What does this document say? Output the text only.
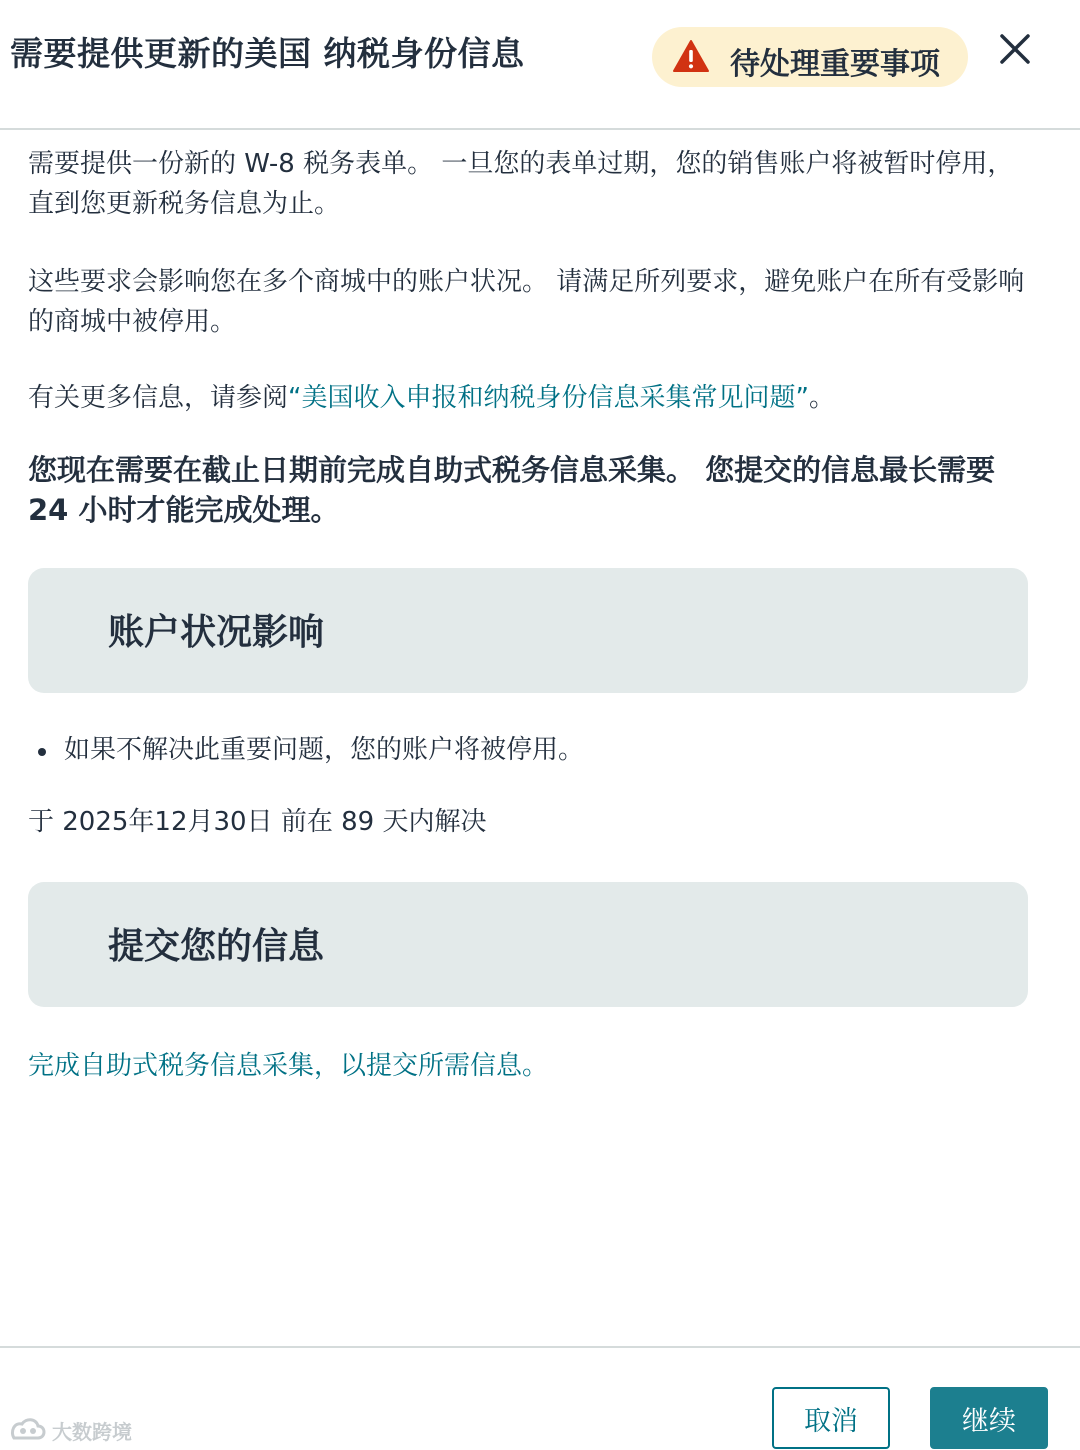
需要提供更新的美国 纳税身份信息	待处理重要事项

需要提供一份新的 W-8 税务表单。 一旦您的表单过期，您的销售账户将被暂时停用，直到您更新税务信息为止。

这些要求会影响您在多个商城中的账户状况。 请满足所列要求，避免账户在所有受影响的商城中被停用。

有关更多信息，请参阅“美国收入申报和纳税身份信息采集常见问题”。

您现在需要在截止日期前完成自助式税务信息采集。 您提交的信息最长需要 24 小时才能完成处理。

账户状况影响
如果不解决此重要问题，您的账户将被停用。
于 2025年12月30日 前在 89 天内解决
提交您的信息
完成自助式税务信息采集，以提交所需信息。
取消	继续
大数跨境
